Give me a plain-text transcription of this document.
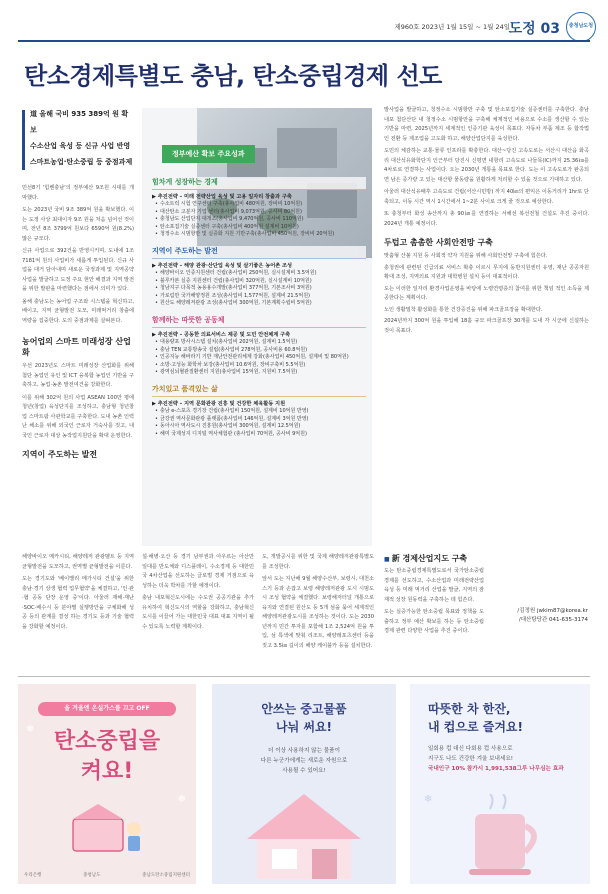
제960호 2023년 1월 15일 ~ 1월 24일
도정 03 충청남도청
탄소경제특별도 충남, 탄소중립경제 선도
道 올해 국비 935 389억 원 확보
수소산업 육성 등 신규 사업 반영
스마트농업·탄소중립 등 중점과제

민선8기 '힘쎈충남'의 정부예산 9조원 시대를 개막했다.

도는 2023년 국비 9조 389억 원을 확보했다. 이는 도정 사상 최대이자 9조 원을 처음 넘어선 것이며, 전년 8조 3799억 원보다 6590억 원(8.2%) 많은 규모다.

신규 사업으로 392건을 반영시키며, 도내에 1조 7181억 원의 사업비가 새롭게 투입된다. 신규 사업을 대거 담아내며 새로운 국정과제 및 지역공약 사업을 발굴하고 도정 주요 현안 해결과 지역 발전을 위한 발판을 마련했다는 점에서 의미가 있다.

올해 충남도는 농어업 구조와 시스템을 혁신하고, 베이고, 지역 균형발전 도모, 미래먹거리 창출에 역량을 집중한다. 도의 중점과제를 살펴본다.

농어업의 스마트 미래성장 산업화

우선 2023년도 스마트 미래성장 산업화를 위해 첨단 농업인 유인 및 ICT 융복합 농업인 기반을 구축하고, 농업·농촌 발전여건을 강화한다.

이를 위해 302억 원의 사업 ASEAN 100만 평에 청년(창업) 육성단지를 조성하고, 충남형 청년창업 스마트팜 사관학교를 구축한다. 도내 농촌 인력난 해소를 위해 외국인 근로자 거숙사를 짓고, 내국인 근로자 대상 농작업지원단을 확대 운영한다.

지역이 주도하는 발전
정부예산 확보 주요성과
힘차게 성장하는 경제
▶ 추진전략 – 미래 전략산업 육성 및 고용 일자리 창출과 구축
• 수소트럭 시험 연구센터 구축(총사업비 480억원, 장비비 10억원)
• 대산탄소 고분자 기업 센터(총사업비 9,073억원, 공사비 80억원)
• 충청남도 산업단지 대개조(총사업비 9,470억원, 공사비 110억원)
• 탄소포집기술 실증센터 구축(총사업비 400억원 설계비 10억원)
• 청정수소 시범항만 및 실증화 지원 기반구축(총사업비 450억원, 장비비 20억원)
지역이 주도하는 발전
▶ 추진전략 – 해양 관광·산단업 육성 및 살기좋은 농어촌 조성
• 해양바이오 인증지원센터 건립(총사업비 250억원, 실시설계비 3.5억원)
• 블루카본 실증 지원센터 건립(총사업비 320억원, 실시설계비 10억원)
• 청남지구 다목적 농용용수개발(총사업비 377억원, 기본조사비 3억원)
• 가로림만 국가해양정원 조성(총사업비 1,577억원, 설계비 21.5억원)
• 원산도 해양레저관광 조성(총사업비 300억원, 기본계획수립비 5억원)
함께하는 따뜻한 공동체
▶ 추진전략 – 공동한 의료서비스 제공 및 도민 안전체계 구축
• 대용량포 방사시스템 설치(총사업비 202억원, 설계비 1.5억원)
• 충남 TEN 교통방송국 설립(총사업비 278억원, 공사비용 60.8억원)
• 인공지능 해바라기 기반 재난안전관리체계 강화(총사업비 450억원, 설계비 및 80억원)
• 소방·고성능 화학차 보강(총사업비 10.6억원, 장비구축비 5.5억원)
• 광역심뇌혈관질환센터 지원(총사업비 15억원, 지원비 7.5억원)
가치있고 품격있는 삶
▶ 추진전략 – 지역 문화관광 진흥 및 건강한 체육활동 지원
• 충남 e-스포츠 경기장 건립(총사업비 150억원, 설계비 10억원 반영)
• 금강권 역사문화관광 플랫폼(총사업비 146억원, 설계비 3억원 반영)
• 동아시아 역사도시 진흥원(총사업비 300억원, 설계비 12.5억원)
• 해미 국제성지 디지털 역사체험관 (총사업비 70억원, 공사비 9억원)

발사업을 발굴하고, 청정수소 시범항만 구축 및 탄소포집기술 실증센터를 구축한다. 충남 내포 첨단산단 내 청정수소 시범항만을 구축해 체계적인 비용으로 수소를 생산할 수 있는 기반을 마련, 2025년까지 세계적인 인증기관 육성이 목표다. 자동차 부품 제조 등 합작법인 전환 등 제조업을 고도화 하고, 해양산업단지를 육성한다.

도민의 체감하는 교통·물류 인프라를 확충한다. 대산~당진 고속도로는 서산시 대산읍 화곡리 대산석유화학단지 인근부터 당진시 신평면 내항리 고속도로 나들목(IC)까지 25.36㎞를 4차로로 연결하는 사업이다. 오는 2030년 개통을 목표로 한다. 도는 이 고속도로가 완공되면 남은 증가량 고 있는 대산항 물동량을 원활하게 처리할 수 있을 것으로 기대하고 있다.

아울러 대산석유배후 고속도로 건립(서산시민방) 까지 40㎞의 편익은 이동거리가 1hr로 단축되고, 이동 시간 역시 1시간에서 1~2분 사이로 크게 줄 것으로 예상한다.

또 충청부터 화성 송산까지 총 90㎞를 연결하는 서해선 복선전철 건설도 추진 중이다. 2024년 개통 예정이다.

두텁고 촘촘한 사회안전망 구축

맞춤형 산불 지원 등 사회적 약자 지원을 위해 사회안전망 구축에 힘쓴다.

충청권에 관련된 긴급의료 서비스 확충 이르시 무지에 동반지원센터 유영, 재난 공공자원 확대 조성, 지역의료 지원과 대학병원 설치 등이 대표적이다.

도는 이러한 일자리 환경사업운영을 바탕에 노령연령층의 참여를 위한 책임 적인 소득을 제공한다는 계획이다.

노인 생활밀착 활성화를 통한 건강증진을 위해 파크골프장을 확대한다.

2024년까지 300억 원을 투입해 18홀 규모 파크골프장 30개를 도내 각 시군에 신설하는 것이 목표다.

해양바이오 메카시티, 해양레저 관광벨트 등 지역 균형발전을 도모하고, 권역별 균형발전을 이룬다.

도는 경기도와 '베이밸리 메가시티 건설'을 위한 충남·경기 상생 협력 업무협약'을 체결하고, '인·관·협 공동 단장 운영 중'이다. 아울러 재해·재난·SOC·배수시 등 분야별 실행방안을 구체화해 성공 등의 관계를 결성 하는 경기도 등과 기술 협력을 강화할 예정이다.

설·해병·오산 등 경기 남부권과 아우르는 아산만 일대를 반도체와 디스플레이, 수소경제 등 대한민국 4차산업을 선도하는 글로벌 경제 거점으로 육성하는 더욱 박차를 가할 예정이다.

충남 내포혁신도시에는 수도권 공공기관을 추가 유치하여 혁신도시의 역할을 강화하고, 충남혁신도시를 이끌어 가는 대한민국 대표 대표 지역이 될 수 있도록 노력할 계획이다.

도, 개발공시를 위한 및 국제 해양레저관광특별도를 조성한다.

앞서 도는 지난해 9월 해양수산부, 보령시, 대천소스기 등과 손잡고 보령 해양레저관광 도시 시범도시 조성 협약을 체결했다. 보령해저터널 개통으로 육지와 연결된 원산도 등 5개 섬을 묶어 세계적인 해양레저관광도시를 조성하는 것이다. 도는 2030년까지 민간 투자를 포함해 1조 2,524억 원을 투입, 섬 특색에 맞춰 리조트, 해양레포츠센터 등을 짓고 3.5㎞ 길이의 해양 케이블카 등을 설치한다.

■ 新 경제산업지도 구축

도는 탄소중립경제특별도로서 국가탄소중립경제를 선도하고, 수소산업과 미래전략산업 육성 등 미래 먹거리 산업을 발굴, 지역의 잠재적 성장 원동력을 구축하는 데 힘쓴다.

도는 실증가능한 탄소중립 목표와 정책을 도출하고 정부 예산 확보를 하는 등 탄소중립 경제 관련 다양한 사업을 추진 중이다.

/김정원 jwkim87@korea.kr
/대산탕당관 041-635-3174
❄
❄
올 겨울엔 온실가스를 끄고 OFF
탄소중립을
켜요!
우리은행	충청남도	충남도탄소중립지원센터
안쓰는 중고물품
나눠 써요!
더 이상 사용하지 않는 물품이
다른 누군가에게는 새로운 자원으로
사용될 수 있어요!
따뜻한 차 한잔,
내 컵으로 즐겨요!
일회용 컵 대신 다회용 컵 사용으로
지구도 나도 건강한 겨울 보내세요!
국내인구 10% 참가시 1,991,538그루 나무심는 효과
❄
